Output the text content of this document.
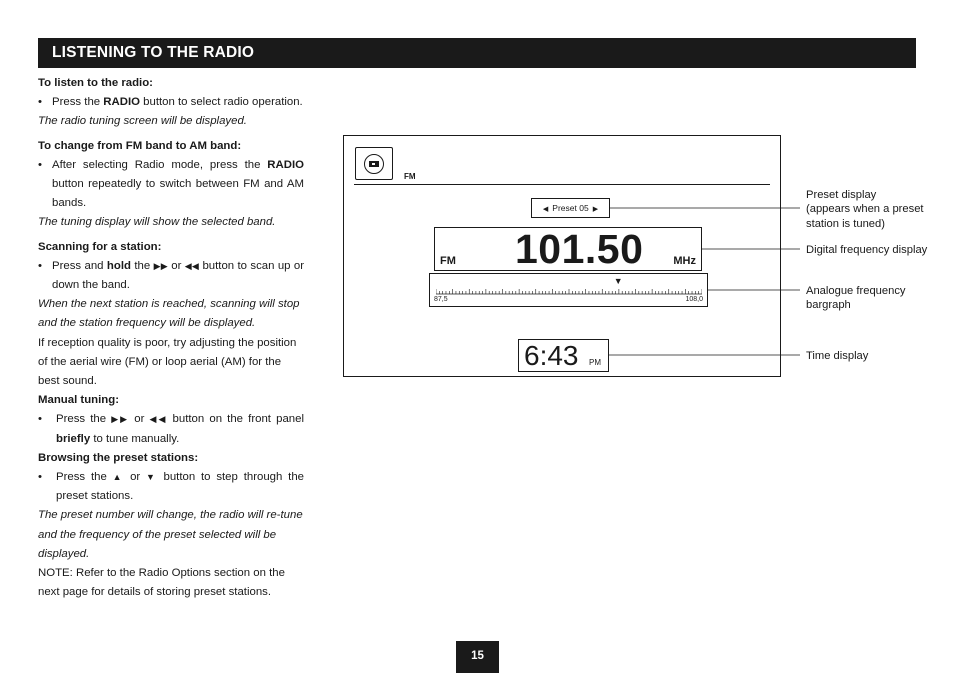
LISTENING TO THE RADIO
To listen to the radio:
• Press the RADIO button to select radio operation.
The radio tuning screen will be displayed.
To change from FM band to AM band:
• After selecting Radio mode, press the RADIO button repeatedly to switch between FM and AM bands.
The tuning display will show the selected band.
Scanning for a station:
• Press and hold the ▶▶ or ◀◀ button to scan up or down the band.
When the next station is reached, scanning will stop and the station frequency will be displayed.
If reception quality is poor, try adjusting the position of the aerial wire (FM) or loop aerial (AM) for the best sound.
Manual tuning:
• Press the ▶▶ or ◀◀ button on the front panel briefly to tune manually.
Browsing the preset stations:
• Press the ▲ or ▼ button to step through the preset stations.
The preset number will change, the radio will re-tune and the frequency of the preset selected will be displayed.
NOTE: Refer to the Radio Options section on the next page for details of storing preset stations.
FM
◀ Preset 05 ▶
FM 101.50	MHz
▼
87,5	108,0
6:43 PM
Preset display
(appears when a preset
station is tuned)
Digital frequency display
Analogue frequency
bargraph
Time display
15
